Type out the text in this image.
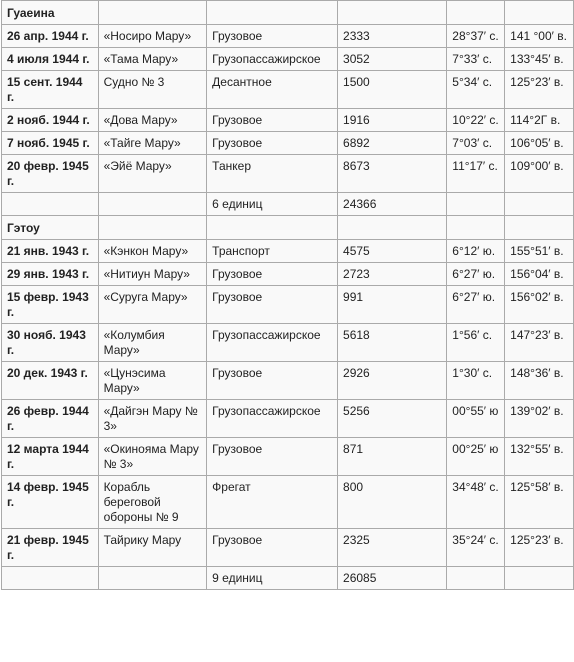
Гуаеина					
26 апр. 1944 г.	«Носиро Мару»	Грузовое	2333	28°37′ с.	141 °00′ в.
4 июля 1944 г.	«Тама Мару»	Грузопассажирское	3052	7°33′ с.	133°45′ в.
15 сент. 1944 г.	Судно № 3	Десантное	1500	5°34′ с.	125°23′ в.
2 нояб. 1944 г.	«Дова Мару»	Грузовое	1916	10°22′ с.	114°2Г в.
7 нояб. 1945 г.	«Тайге Мару»	Грузовое	6892	7°03′ с.	106°05′ в.
20 февр. 1945 г.	«Эйё Мару»	Танкер	8673	11°17′ с.	109°00′ в.
		6 единиц	24366		
Гэтоу					
21 янв. 1943 г.	«Кэнкон Мару»	Транспорт	4575	6°12′ ю.	155°51′ в.
29 янв. 1943 г.	«Нитиун Мару»	Грузовое	2723	6°27′ ю.	156°04′ в.
15 февр. 1943 г.	«Суруга Мару»	Грузовое	991	6°27′ ю.	156°02′ в.
30 нояб. 1943 г.	«Колумбия Мару»	Грузопассажирское	5618	1°56′ с.	147°23′ в.
20 дек. 1943 г.	«Цунэсима Мару»	Грузовое	2926	1°30′ с.	148°36′ в.
26 февр. 1944 г.	«Дайгэн Мару № 3»	Грузопассажирское	5256	00°55′ ю	139°02′ в.
12 марта 1944 г.	«Окинояма Мару № 3»	Грузовое	871	00°25′ ю	132°55′ в.
14 февр. 1945 г.	Корабль береговой обороны № 9	Фрегат	800	34°48′ с.	125°58′ в.
21 февр. 1945 г.	Тайрику Мару	Грузовое	2325	35°24′ с.	125°23′ в.
		9 единиц	26085		
